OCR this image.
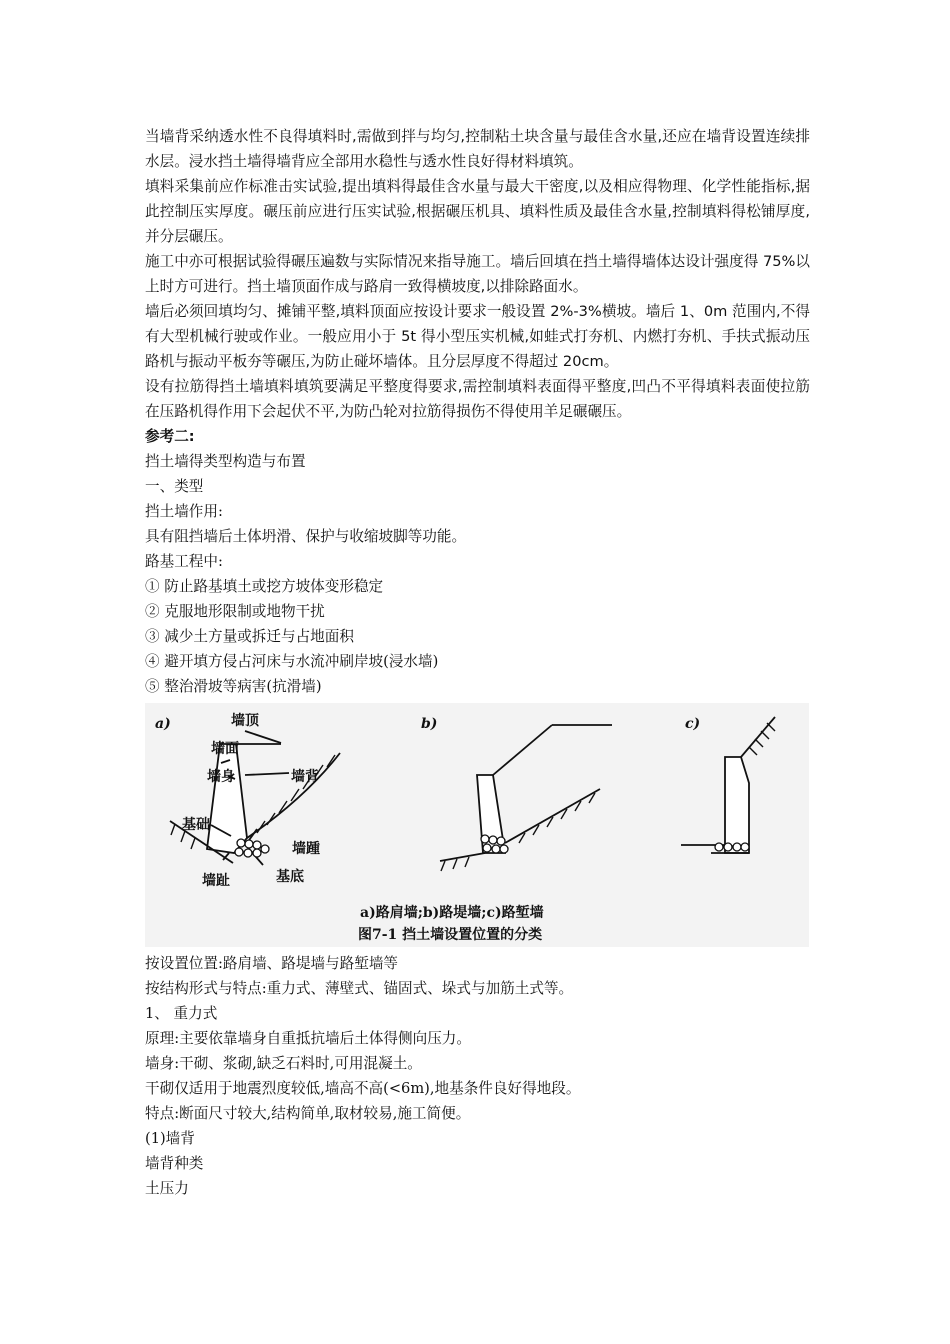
当墙背采纳透水性不良得填料时,需做到拌与均匀,控制粘土块含量与最佳含水量,还应在墙背设置连续排水层。浸水挡土墙得墙背应全部用水稳性与透水性良好得材料填筑。

填料采集前应作标准击实试验,提出填料得最佳含水量与最大干密度,以及相应得物理、化学性能指标,据此控制压实厚度。碾压前应进行压实试验,根据碾压机具、填料性质及最佳含水量,控制填料得松铺厚度,并分层碾压。

施工中亦可根据试验得碾压遍数与实际情况来指导施工。墙后回填在挡土墙得墙体达设计强度得 75%以上时方可进行。挡土墙顶面作成与路肩一致得横坡度,以排除路面水。

墙后必须回填均匀、摊铺平整,填料顶面应按设计要求一般设置 2%-3%横坡。墙后 1、0m 范围内,不得有大型机械行驶或作业。一般应用小于 5t 得小型压实机械,如蛙式打夯机、内燃打夯机、手扶式振动压路机与振动平板夯等碾压,为防止碰坏墙体。且分层厚度不得超过 20cm。

设有拉筋得挡土墙填料填筑要满足平整度得要求,需控制填料表面得平整度,凹凸不平得填料表面使拉筋在压路机得作用下会起伏不平,为防凸轮对拉筋得损伤不得使用羊足碾碾压。

参考二:

挡土墙得类型构造与布置

一、类型

挡土墙作用:

具有阻挡墙后土体坍滑、保护与收缩坡脚等功能。

路基工程中:

① 防止路基填土或挖方坡体变形稳定

② 克服地形限制或地物干扰

③ 减少土方量或拆迁与占地面积

④ 避开填方侵占河床与水流冲刷岸坡(浸水墙)

⑤ 整治滑坡等病害(抗滑墙)

a)	b)	c)
墙顶
墙面
墙身	墙背
基础
墙踵
墙趾	基底
a)路肩墙;b)路堤墙;c)路堑墙
图7-1 挡土墙设置位置的分类

按设置位置:路肩墙、路堤墙与路堑墙等

按结构形式与特点:重力式、薄壁式、锚固式、垛式与加筋土式等。

1、 重力式

原理:主要依靠墙身自重抵抗墙后土体得侧向压力。

墙身:干砌、浆砌,缺乏石料时,可用混凝土。

干砌仅适用于地震烈度较低,墙高不高(<6m),地基条件良好得地段。

特点:断面尺寸较大,结构简单,取材较易,施工简便。

(1)墙背

墙背种类

土压力
